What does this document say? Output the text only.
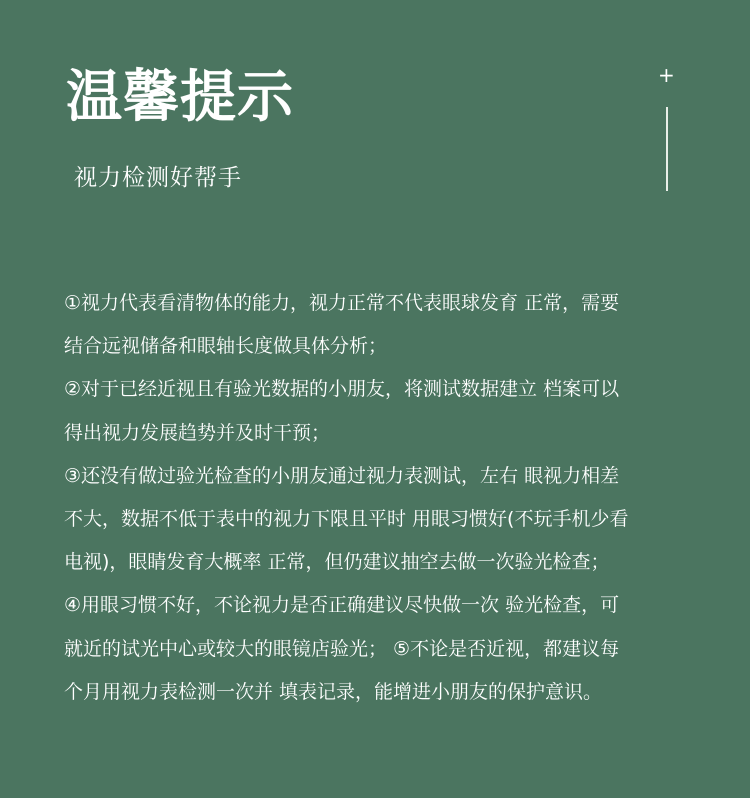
温馨提示
视力检测好帮手
+
①视力代表看清物体的能力，视力正常不代表眼球发育 正常，需要
结合远视储备和眼轴长度做具体分析；
②对于已经近视且有验光数据的小朋友，将测试数据建立 档案可以
得出视力发展趋势并及时干预；
③还没有做过验光检查的小朋友通过视力表测试，左右 眼视力相差
不大，数据不低于表中的视力下限且平时 用眼习惯好(不玩手机少看
电视)，眼睛发育大概率 正常，但仍建议抽空去做一次验光检查；
④用眼习惯不好，不论视力是否正确建议尽快做一次 验光检查，可
就近的试光中心或较大的眼镜店验光； ⑤不论是否近视，都建议每
个月用视力表检测一次并 填表记录，能增进小朋友的保护意识。
